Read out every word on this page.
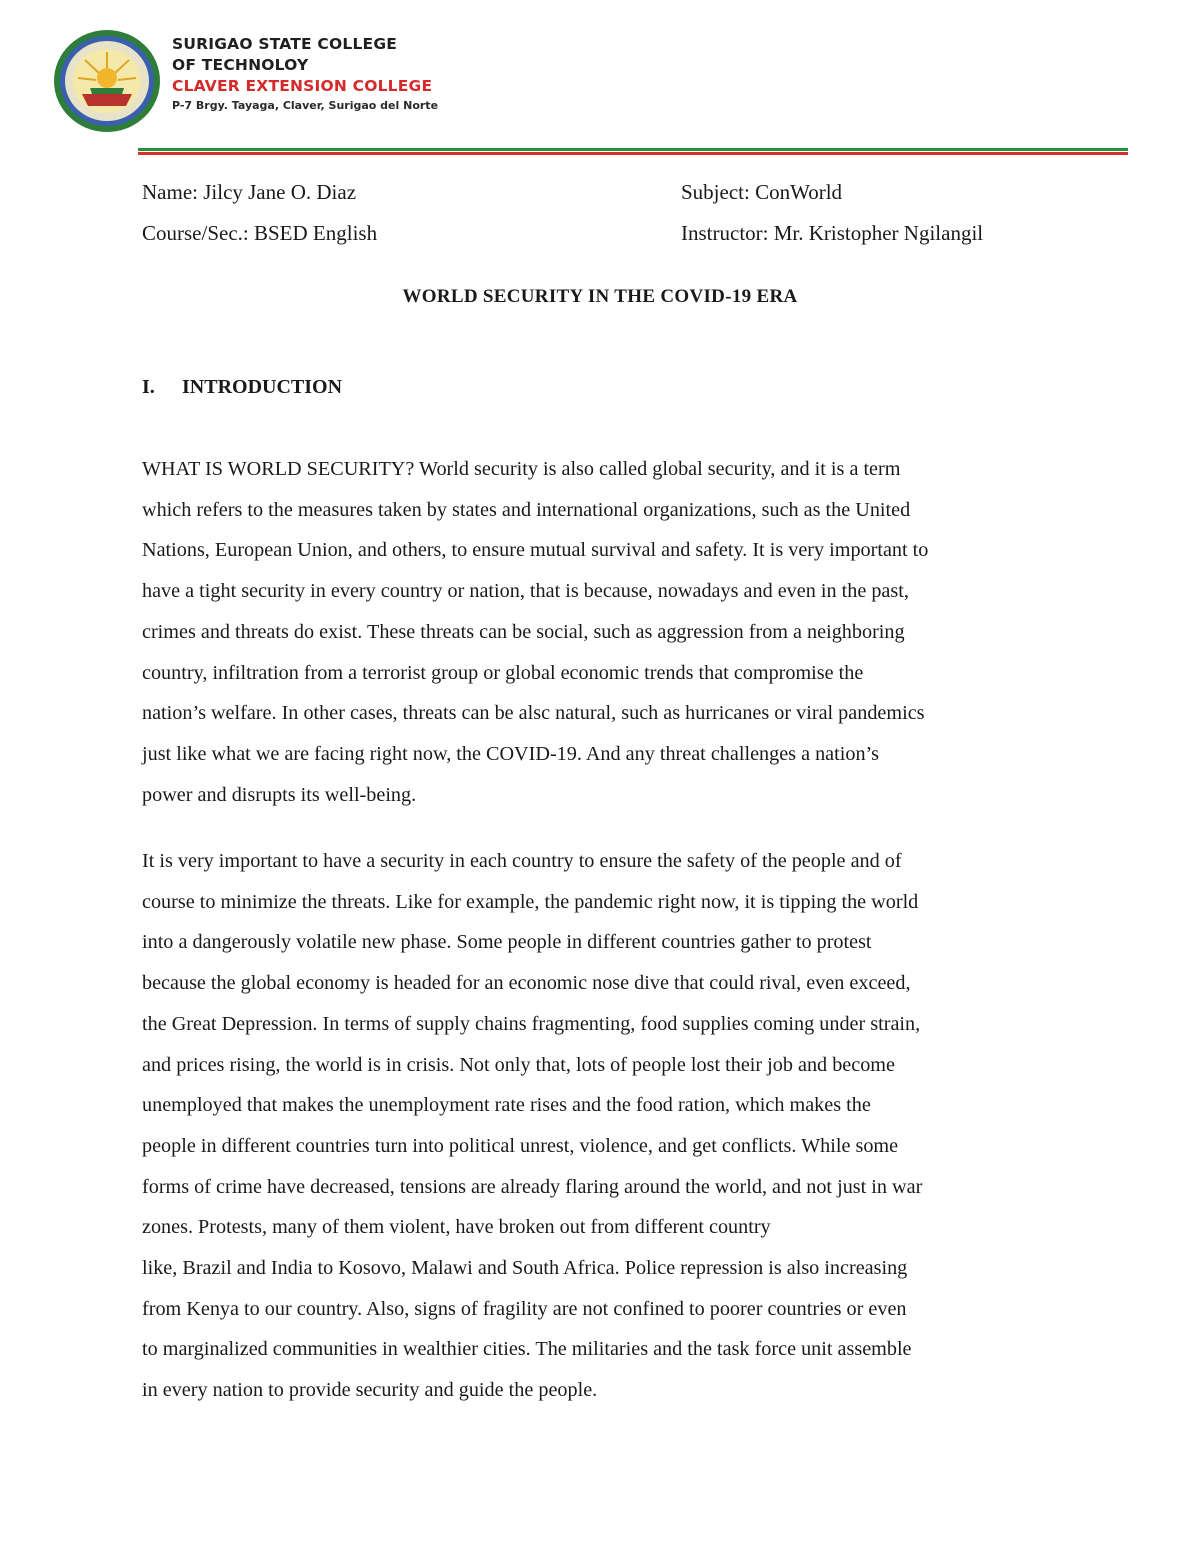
SURIGAO STATE COLLEGE
OF TECHNOLOY
CLAVER EXTENSION COLLEGE
P-7 Brgy. Tayaga, Claver, Surigao del Norte
Name: Jilcy Jane O. Diaz	Subject: ConWorld
Course/Sec.: BSED English	Instructor: Mr. Kristopher Ngilangil
WORLD SECURITY IN THE COVID-19 ERA
I. INTRODUCTION

WHAT IS WORLD SECURITY? World security is also called global security, and it is a term
which refers to the measures taken by states and international organizations, such as the United
Nations, European Union, and others, to ensure mutual survival and safety. It is very important to
have a tight security in every country or nation, that is because, nowadays and even in the past,
crimes and threats do exist. These threats can be social, such as aggression from a neighboring
country, infiltration from a terrorist group or global economic trends that compromise the
nation’s welfare. In other cases, threats can be alsc natural, such as hurricanes or viral pandemics
just like what we are facing right now, the COVID-19. And any threat challenges a nation’s
power and disrupts its well-being.

It is very important to have a security in each country to ensure the safety of the people and of
course to minimize the threats. Like for example, the pandemic right now, it is tipping the world
into a dangerously volatile new phase. Some people in different countries gather to protest
because the global economy is headed for an economic nose dive that could rival, even exceed,
the Great Depression. In terms of supply chains fragmenting, food supplies coming under strain,
and prices rising, the world is in crisis. Not only that, lots of people lost their job and become
unemployed that makes the unemployment rate rises and the food ration, which makes the
people in different countries turn into political unrest, violence, and get conflicts. While some
forms of crime have decreased, tensions are already flaring around the world, and not just in war
zones. Protests, many of them violent, have broken out from different country
like, Brazil and India to Kosovo, Malawi and South Africa. Police repression is also increasing
from Kenya to our country. Also, signs of fragility are not confined to poorer countries or even
to marginalized communities in wealthier cities. The militaries and the task force unit assemble
in every nation to provide security and guide the people.
